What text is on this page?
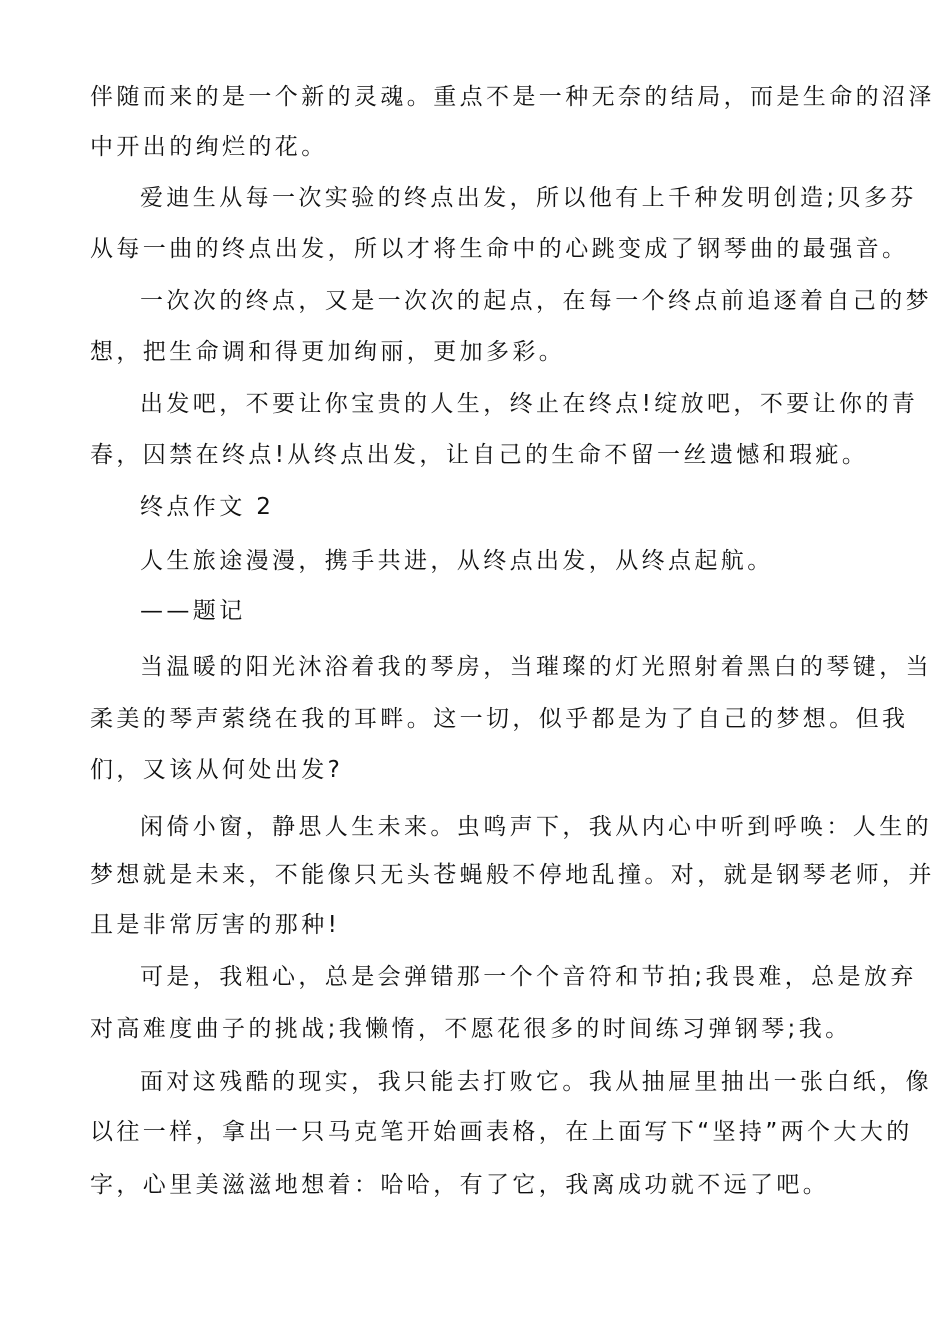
伴随而来的是一个新的灵魂。重点不是一种无奈的结局，而是生命的沼泽
中开出的绚烂的花。
爱迪生从每一次实验的终点出发，所以他有上千种发明创造;贝多芬
从每一曲的终点出发，所以才将生命中的心跳变成了钢琴曲的最强音。
一次次的终点，又是一次次的起点，在每一个终点前追逐着自己的梦
想，把生命调和得更加绚丽，更加多彩。
出发吧，不要让你宝贵的人生，终止在终点!绽放吧，不要让你的青
春，囚禁在终点!从终点出发，让自己的生命不留一丝遗憾和瑕疵。
终点作文 2
人生旅途漫漫，携手共进，从终点出发，从终点起航。
——题记
当温暖的阳光沐浴着我的琴房，当璀璨的灯光照射着黑白的琴键，当
柔美的琴声萦绕在我的耳畔。这一切，似乎都是为了自己的梦想。但我
们，又该从何处出发?
闲倚小窗，静思人生未来。虫鸣声下，我从内心中听到呼唤：人生的
梦想就是未来，不能像只无头苍蝇般不停地乱撞。对，就是钢琴老师，并
且是非常厉害的那种!
可是，我粗心，总是会弹错那一个个音符和节拍;我畏难，总是放弃
对高难度曲子的挑战;我懒惰，不愿花很多的时间练习弹钢琴;我。
面对这残酷的现实，我只能去打败它。我从抽屉里抽出一张白纸，像
以往一样，拿出一只马克笔开始画表格，在上面写下“坚持”两个大大的
字，心里美滋滋地想着：哈哈，有了它，我离成功就不远了吧。
